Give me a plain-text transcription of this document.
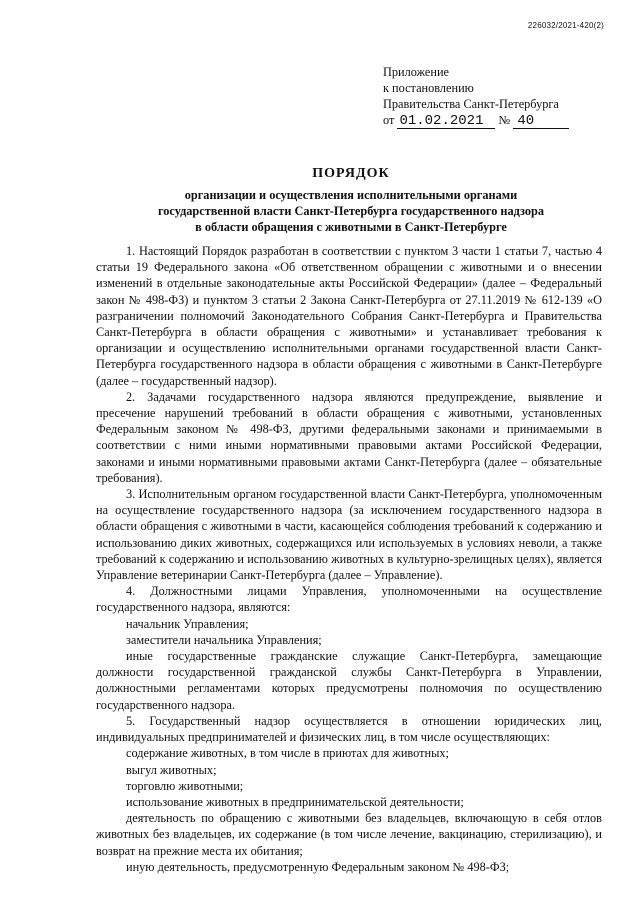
226032/2021-420(2)
Приложение
к постановлению
Правительства Санкт-Петербурга
от 01.02.2021 № 40
ПОРЯДОК
организации и осуществления исполнительными органами
государственной власти Санкт-Петербурга государственного надзора
в области обращения с животными в Санкт-Петербурге

1. Настоящий Порядок разработан в соответствии с пунктом 3 части 1 статьи 7, частью 4 статьи 19 Федерального закона «Об ответственном обращении с животными и о внесении изменений в отдельные законодательные акты Российской Федерации» (далее – Федеральный закон № 498-ФЗ) и пунктом 3 статьи 2 Закона Санкт-Петербурга от 27.11.2019 № 612-139 «О разграничении полномочий Законодательного Собрания Санкт-Петербурга и Правительства Санкт-Петербурга в области обращения с животными» и устанавливает требования к организации и осуществлению исполнительными органами государственной власти Санкт-Петербурга государственного надзора в области обращения с животными в Санкт-Петербурге (далее – государственный надзор).

2. Задачами государственного надзора являются предупреждение, выявление и пресечение нарушений требований в области обращения с животными, установленных Федеральным законом № 498-ФЗ, другими федеральными законами и принимаемыми в соответствии с ними иными нормативными правовыми актами Российской Федерации, законами и иными нормативными правовыми актами Санкт-Петербурга (далее – обязательные требования).

3. Исполнительным органом государственной власти Санкт-Петербурга, уполномоченным на осуществление государственного надзора (за исключением государственного надзора в области обращения с животными в части, касающейся соблюдения требований к содержанию и использованию диких животных, содержащихся или используемых в условиях неволи, а также требований к содержанию и использованию животных в культурно-зрелищных целях), является Управление ветеринарии Санкт-Петербурга (далее – Управление).

4. Должностными лицами Управления, уполномоченными на осуществление государственного надзора, являются:

начальник Управления;

заместители начальника Управления;

иные государственные гражданские служащие Санкт-Петербурга, замещающие должности государственной гражданской службы Санкт-Петербурга в Управлении, должностными регламентами которых предусмотрены полномочия по осуществлению государственного надзора.

5. Государственный надзор осуществляется в отношении юридических лиц, индивидуальных предпринимателей и физических лиц, в том числе осуществляющих:

содержание животных, в том числе в приютах для животных;

выгул животных;

торговлю животными;

использование животных в предпринимательской деятельности;

деятельность по обращению с животными без владельцев, включающую в себя отлов животных без владельцев, их содержание (в том числе лечение, вакцинацию, стерилизацию), и возврат на прежние места их обитания;

иную деятельность, предусмотренную Федеральным законом № 498-ФЗ;
